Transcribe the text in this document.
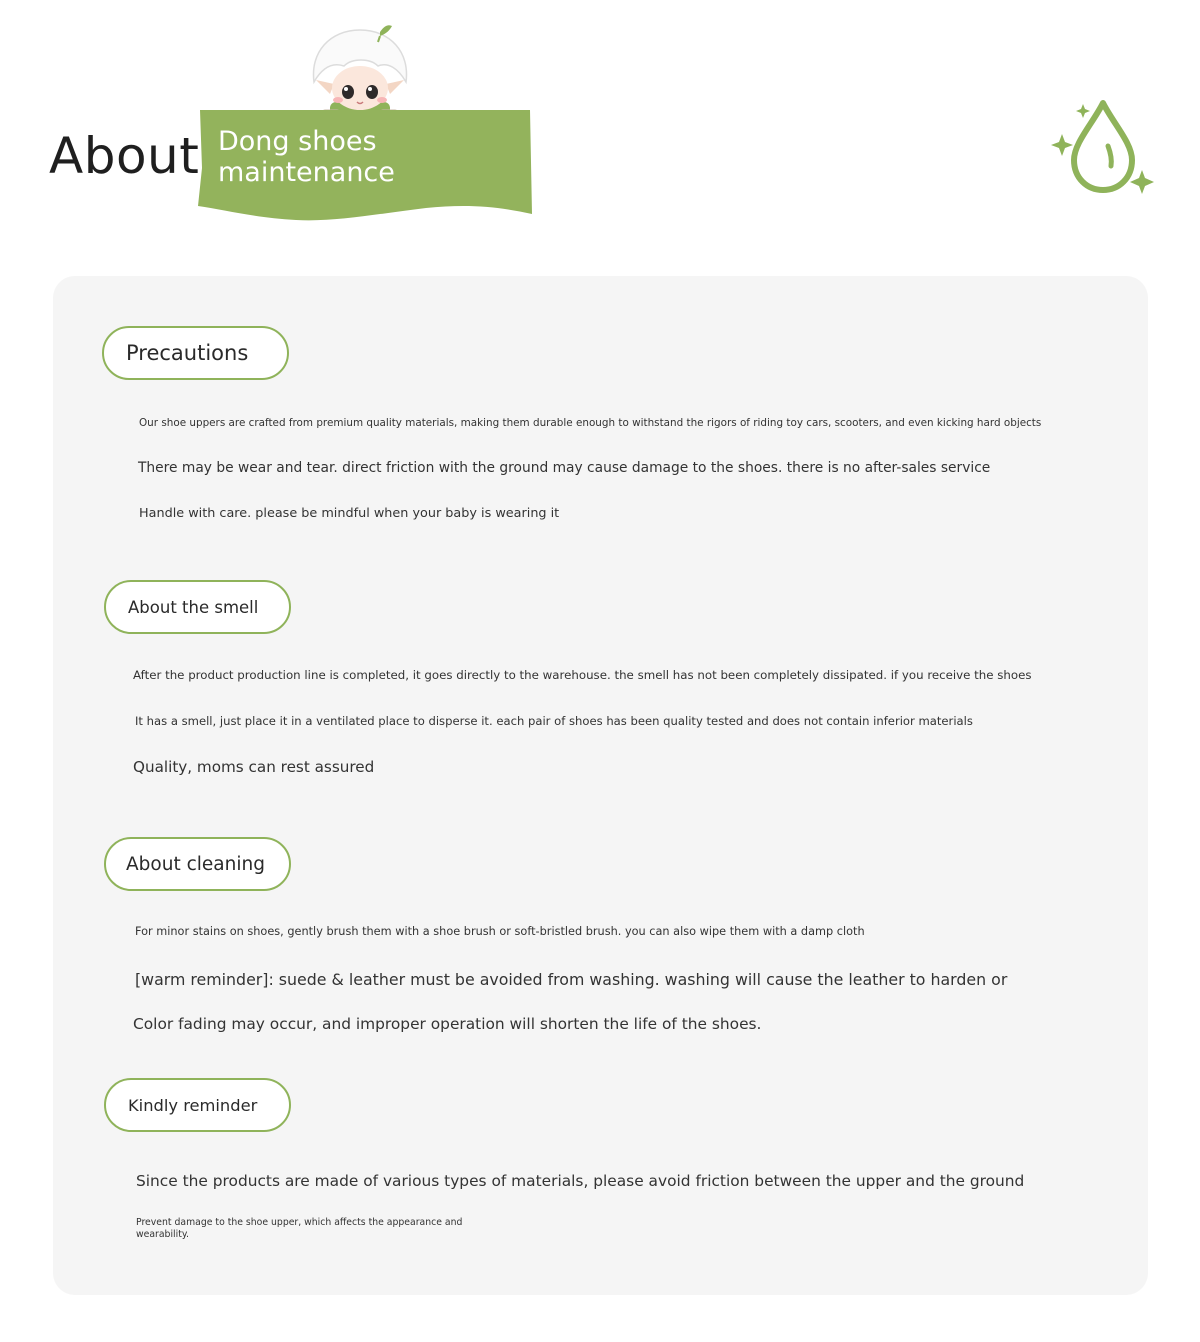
About Dong shoes
maintenance
Precautions
Our shoe uppers are crafted from premium quality materials, making them durable enough to withstand the rigors of riding toy cars, scooters, and even kicking hard objects
There may be wear and tear. direct friction with the ground may cause damage to the shoes. there is no after-sales service
Handle with care. please be mindful when your baby is wearing it
About the smell
After the product production line is completed, it goes directly to the warehouse. the smell has not been completely dissipated. if you receive the shoes
It has a smell, just place it in a ventilated place to disperse it. each pair of shoes has been quality tested and does not contain inferior materials
Quality, moms can rest assured
About cleaning
For minor stains on shoes, gently brush them with a shoe brush or soft-bristled brush. you can also wipe them with a damp cloth
[warm reminder]: suede & leather must be avoided from washing. washing will cause the leather to harden or
Color fading may occur, and improper operation will shorten the life of the shoes.
Kindly reminder
Since the products are made of various types of materials, please avoid friction between the upper and the ground
Prevent damage to the shoe upper, which affects the appearance and
wearability.
